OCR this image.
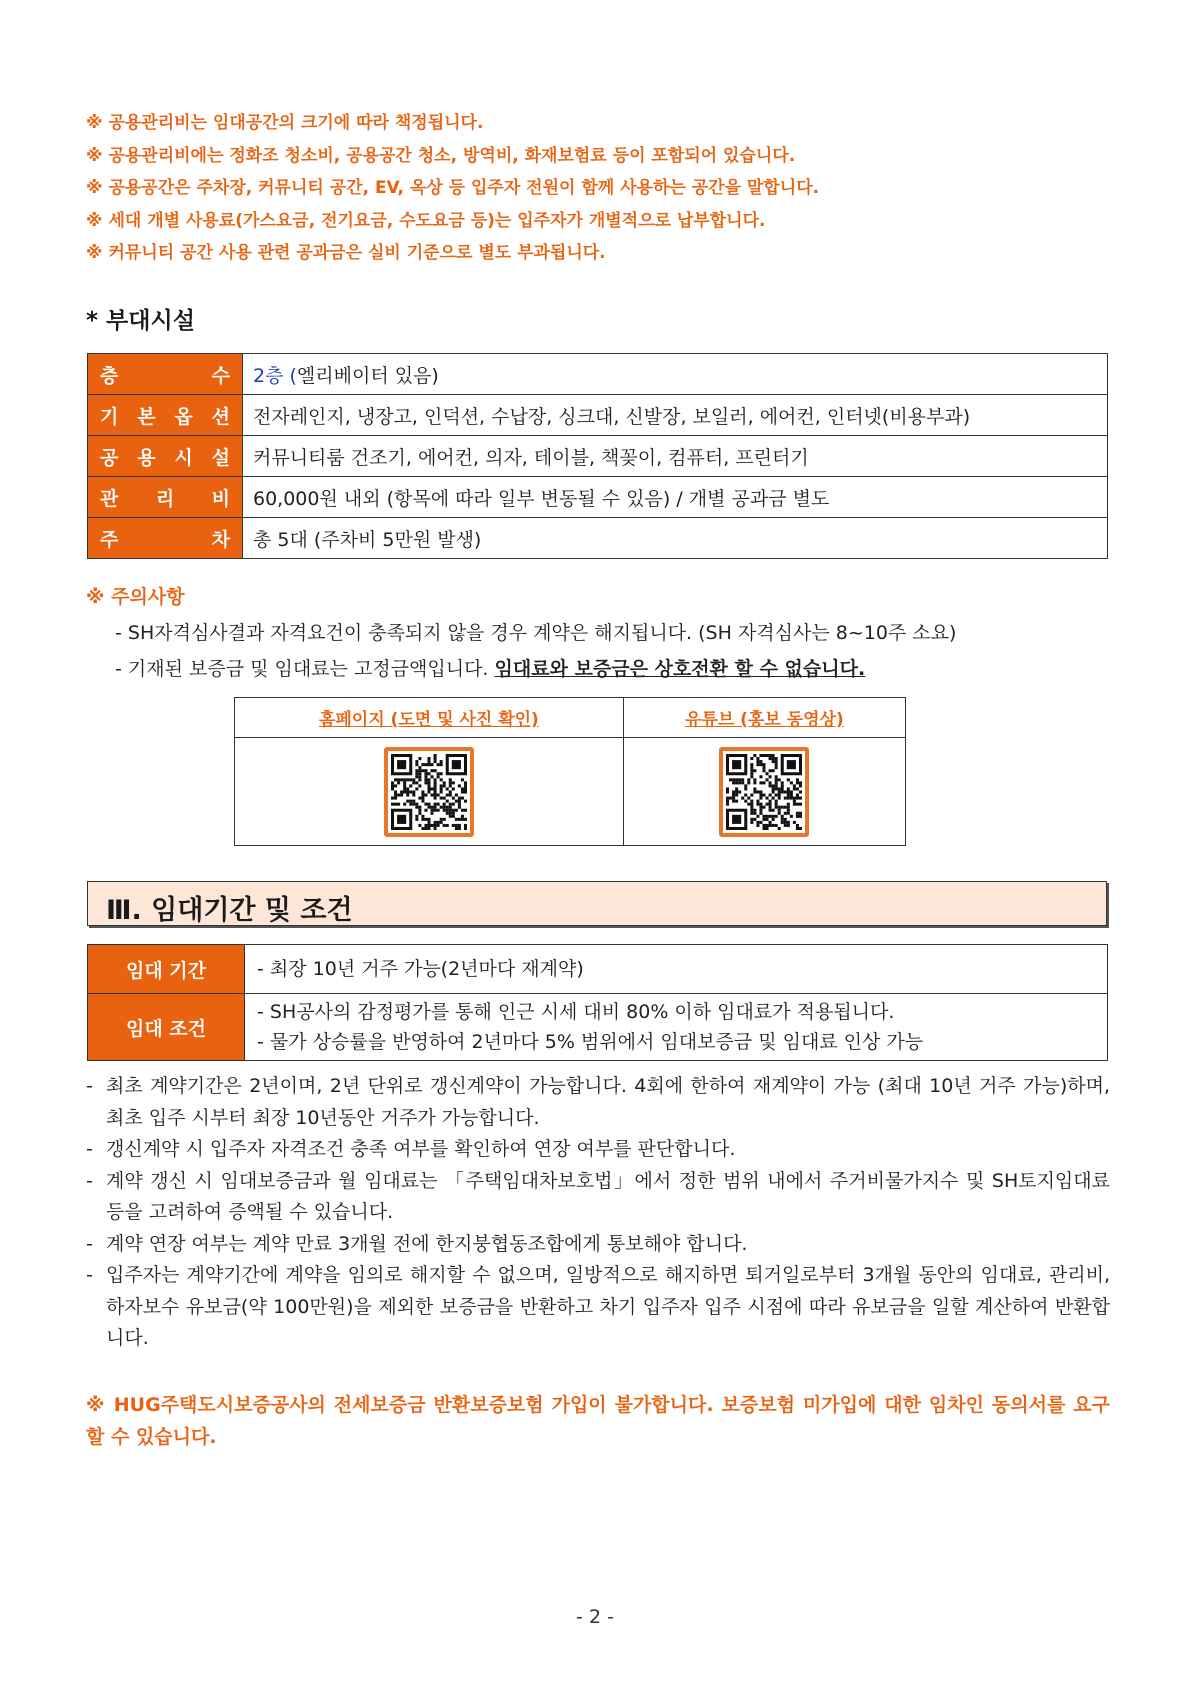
※ 공용관리비는 임대공간의 크기에 따라 책정됩니다.
※ 공용관리비에는 정화조 청소비, 공용공간 청소, 방역비, 화재보험료 등이 포함되어 있습니다.
※ 공용공간은 주차장, 커뮤니티 공간, EV, 옥상 등 입주자 전원이 함께 사용하는 공간을 말합니다.
※ 세대 개별 사용료(가스요금, 전기요금, 수도요금 등)는 입주자가 개별적으로 납부합니다.
※ 커뮤니티 공간 사용 관련 공과금은 실비 기준으로 별도 부과됩니다.
* 부대시설
층 수	2층 (엘리베이터 있음)

기 본 옵 션	전자레인지, 냉장고, 인덕션, 수납장, 싱크대, 신발장, 보일러, 에어컨, 인터넷(비용부과)

공 용 시 설	커뮤니티룸 건조기, 에어컨, 의자, 테이블, 책꽂이, 컴퓨터, 프린터기

관 리 비	60,000원 내외 (항목에 따라 일부 변동될 수 있음) / 개별 공과금 별도

주 차	총 5대 (주차비 5만원 발생)
※ 주의사항
- SH자격심사결과 자격요건이 충족되지 않을 경우 계약은 해지됩니다. (SH 자격심사는 8~10주 소요)
- 기재된 보증금 및 임대료는 고정금액입니다. 임대료와 보증금은 상호전환 할 수 없습니다.
홈페이지 (도면 및 사진 확인)	유튜브 (홍보 동영상)

Ⅲ. 임대기간 및 조건
임대 기간	- 최장 10년 거주 가능(2년마다 재계약)
임대 조건	- SH공사의 감정평가를 통해 인근 시세 대비 80% 이하 임대료가 적용됩니다.
- 물가 상승률을 반영하여 2년마다 5% 범위에서 임대보증금 및 임대료 인상 가능
- 최초 계약기간은 2년이며, 2년 단위로 갱신계약이 가능합니다. 4회에 한하여 재계약이 가능 (최대 10년 거주 가능)하며, 최초 입주 시부터 최장 10년동안 거주가 가능합니다.
- 갱신계약 시 입주자 자격조건 충족 여부를 확인하여 연장 여부를 판단합니다.
- 계약 갱신 시 임대보증금과 월 임대료는 「주택임대차보호법」에서 정한 범위 내에서 주거비물가지수 및 SH토지임대료 등을 고려하여 증액될 수 있습니다.
- 계약 연장 여부는 계약 만료 3개월 전에 한지붕협동조합에게 통보해야 합니다.
- 입주자는 계약기간에 계약을 임의로 해지할 수 없으며, 일방적으로 해지하면 퇴거일로부터 3개월 동안의 임대료, 관리비, 하자보수 유보금(약 100만원)을 제외한 보증금을 반환하고 차기 입주자 입주 시점에 따라 유보금을 일할 계산하여 반환합니다.
※ HUG주택도시보증공사의 전세보증금 반환보증보험 가입이 불가합니다. 보증보험 미가입에 대한 임차인 동의서를 요구할 수 있습니다.
- 2 -
